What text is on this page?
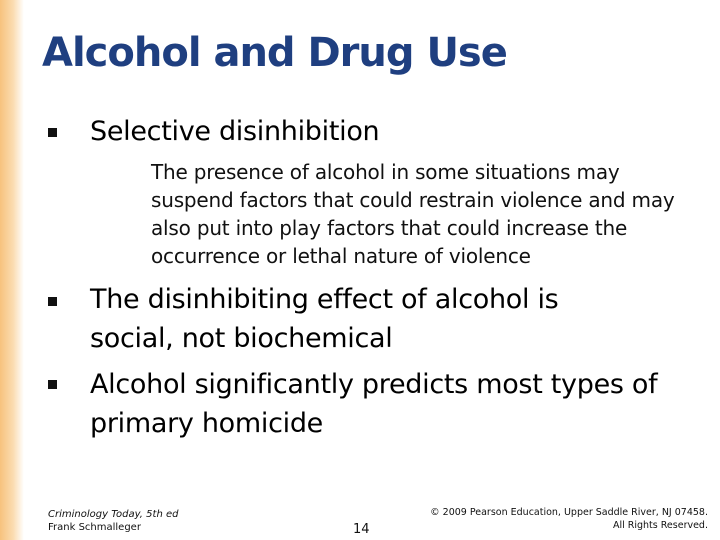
Alcohol and Drug Use

Selective disinhibition

The presence of alcohol in some situations may suspend factors that could restrain violence and may also put into play factors that could increase the occurrence or lethal nature of violence

The disinhibiting effect of alcohol is social, not biochemical

Alcohol significantly predicts most types of primary homicide

Criminology Today, 5th ed
Frank Schmalleger	14
© 2009 Pearson Education, Upper Saddle River, NJ 07458.
All Rights Reserved.
